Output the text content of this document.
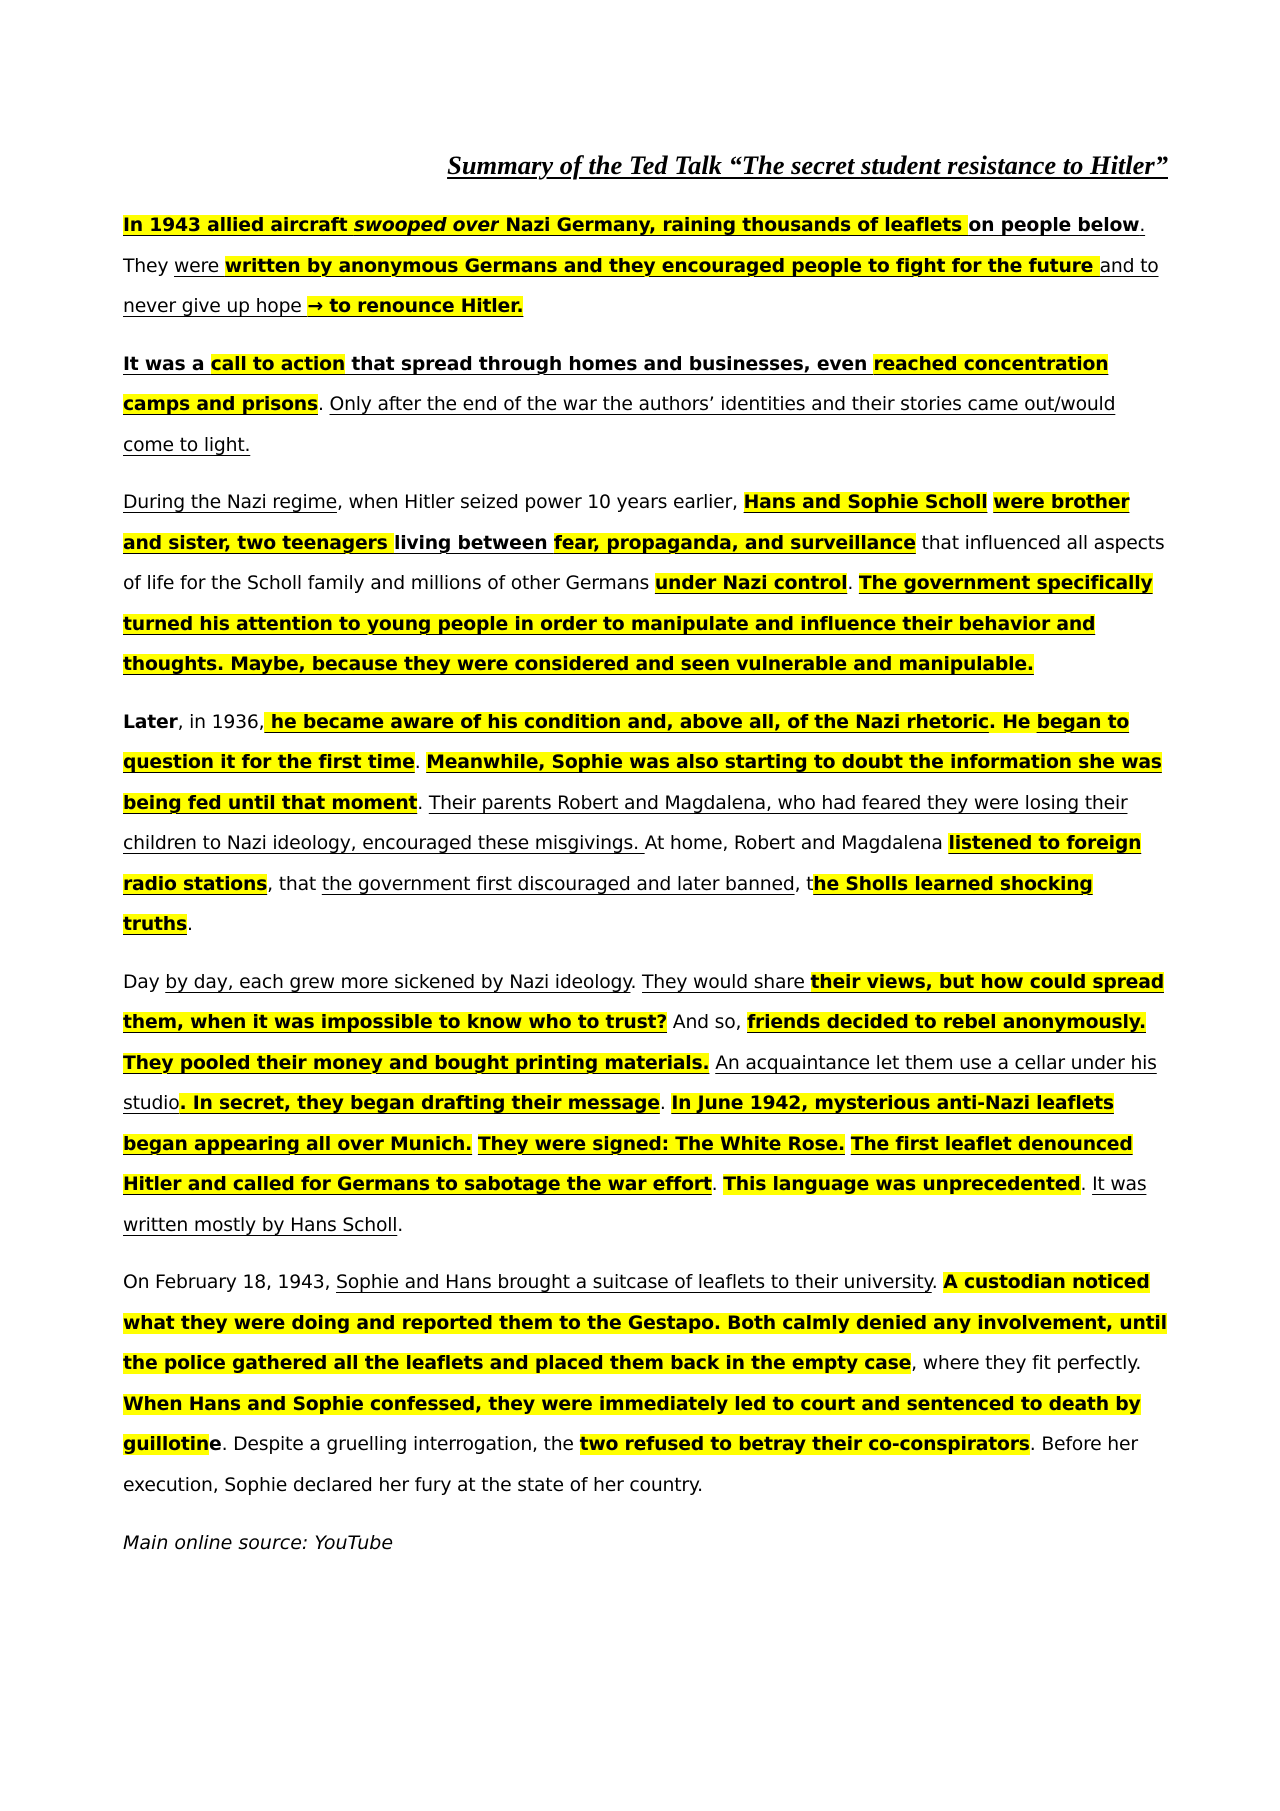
Summary of the Ted Talk “The secret student resistance to Hitler”

In 1943 allied aircraft swooped over Nazi Germany, raining thousands of leaflets on people below. They were written by anonymous Germans and they encouraged people to fight for the future and to never give up hope → to renounce Hitler.

It was a call to action that spread through homes and businesses, even reached concentration camps and prisons. Only after the end of the war the authors’ identities and their stories came out/would come to light.

During the Nazi regime, when Hitler seized power 10 years earlier, Hans and Sophie Scholl were brother and sister, two teenagers living between fear, propaganda, and surveillance that influenced all aspects of life for the Scholl family and millions of other Germans under Nazi control. The government specifically turned his attention to young people in order to manipulate and influence their behavior and thoughts. Maybe, because they were considered and seen vulnerable and manipulable.

Later, in 1936, he became aware of his condition and, above all, of the Nazi rhetoric. He began to question it for the first time. Meanwhile, Sophie was also starting to doubt the information she was being fed until that moment. Their parents Robert and Magdalena, who had feared they were losing their children to Nazi ideology, encouraged these misgivings. At home, Robert and Magdalena listened to foreign radio stations, that the government first discouraged and later banned, the Sholls learned shocking truths.

Day by day, each grew more sickened by Nazi ideology. They would share their views, but how could spread them, when it was impossible to know who to trust? And so, friends decided to rebel anonymously. They pooled their money and bought printing materials. An acquaintance let them use a cellar under his studio. In secret, they began drafting their message. In June 1942, mysterious anti-Nazi leaflets began appearing all over Munich. They were signed: The White Rose. The first leaflet denounced Hitler and called for Germans to sabotage the war effort. This language was unprecedented. It was written mostly by Hans Scholl.

On February 18, 1943, Sophie and Hans brought a suitcase of leaflets to their university. A custodian noticed what they were doing and reported them to the Gestapo. Both calmly denied any involvement, until the police gathered all the leaflets and placed them back in the empty case, where they fit perfectly. When Hans and Sophie confessed, they were immediately led to court and sentenced to death by guillotine. Despite a gruelling interrogation, the two refused to betray their co-conspirators. Before her execution, Sophie declared her fury at the state of her country.

Main online source: YouTube
